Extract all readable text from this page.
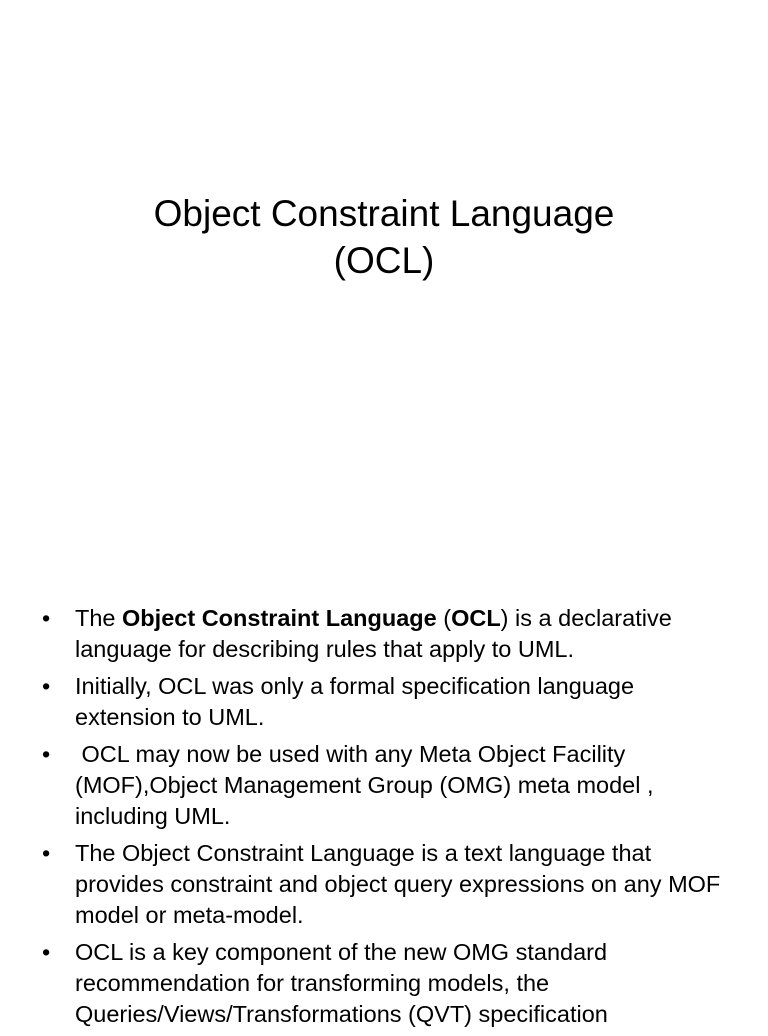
Object Constraint Language
(OCL)
•	The Object Constraint Language (OCL) is a declarative language for describing rules that apply to UML.
•	Initially, OCL was only a formal specification language extension to UML.
•	OCL may now be used with any Meta Object Facility (MOF),Object Management Group (OMG) meta model , including UML.
•	The Object Constraint Language is a text language that provides constraint and object query expressions on any MOF model or meta-model.
•	OCL is a key component of the new OMG standard recommendation for transforming models, the Queries/Views/Transformations (QVT) specification
